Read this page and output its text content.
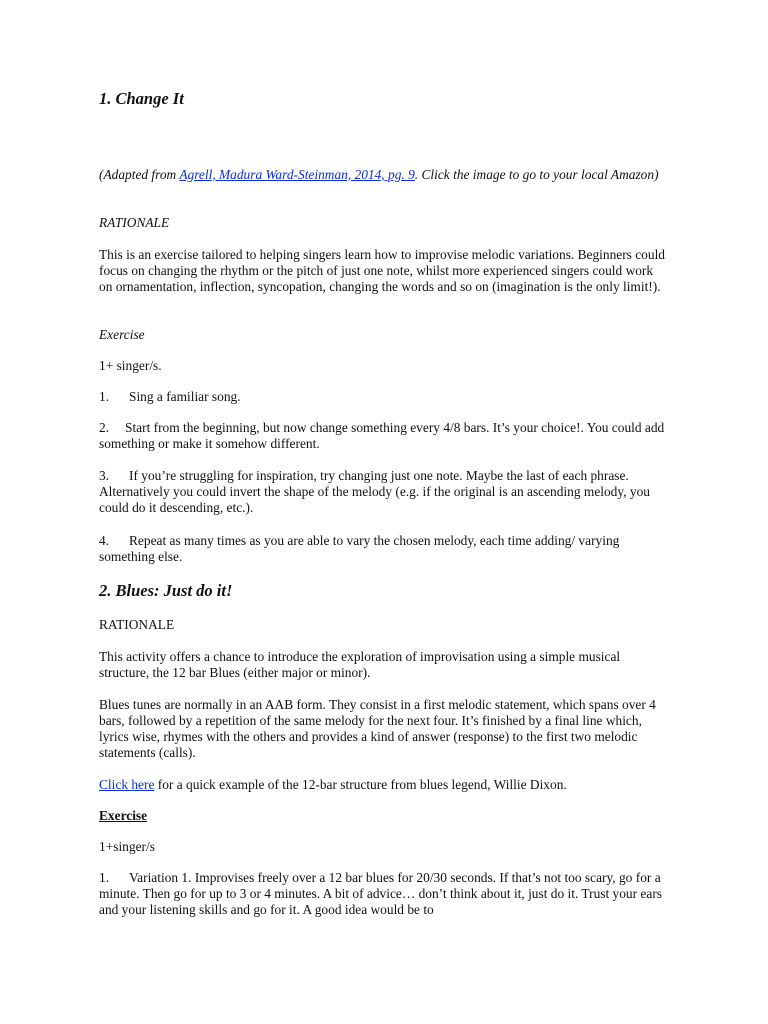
1. Change It

(Adapted from Agrell, Madura Ward-Steinman, 2014, pg. 9. Click the image to go to your local Amazon)

RATIONALE

This is an exercise tailored to helping singers learn how to improvise melodic variations. Beginners could focus on changing the rhythm or the pitch of just one note, whilst more experienced singers could work on ornamentation, inflection, syncopation, changing the words and so on (imagination is the only limit!).

Exercise

1+ singer/s.

1. Sing a familiar song.

2. Start from the beginning, but now change something every 4/8 bars. It’s your choice!. You could add something or make it somehow different.

3. If you’re struggling for inspiration, try changing just one note. Maybe the last of each phrase. Alternatively you could invert the shape of the melody (e.g. if the original is an ascending melody, you could do it descending, etc.).

4. Repeat as many times as you are able to vary the chosen melody, each time adding/ varying something else.

2. Blues: Just do it!

RATIONALE

This activity offers a chance to introduce the exploration of improvisation using a simple musical structure, the 12 bar Blues (either major or minor).

Blues tunes are normally in an AAB form. They consist in a first melodic statement, which spans over 4 bars, followed by a repetition of the same melody for the next four. It’s finished by a final line which, lyrics wise, rhymes with the others and provides a kind of answer (response) to the first two melodic statements (calls).

Click here for a quick example of the 12-bar structure from blues legend, Willie Dixon.

Exercise

1+singer/s

1. Variation 1. Improvises freely over a 12 bar blues for 20/30 seconds. If that’s not too scary, go for a minute. Then go for up to 3 or 4 minutes. A bit of advice… don’t think about it, just do it. Trust your ears and your listening skills and go for it. A good idea would be to
